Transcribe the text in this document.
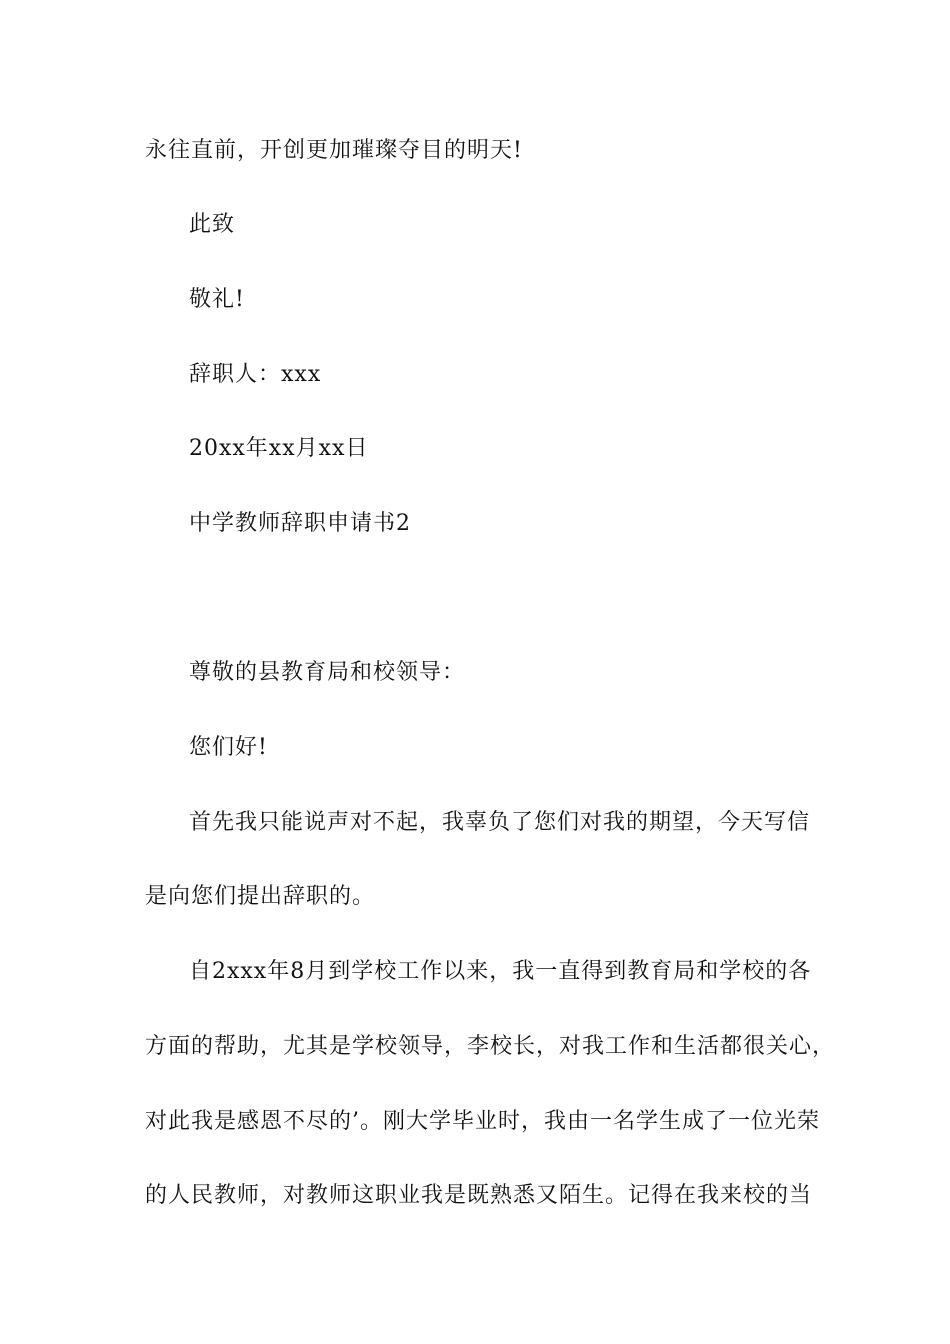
永往直前，开创更加璀璨夺目的明天!

此致

敬礼!

辞职人：xxx

20xx年xx月xx日

中学教师辞职申请书2

尊敬的县教育局和校领导：

您们好!

首先我只能说声对不起，我辜负了您们对我的期望，今天写信

是向您们提出辞职的。

自2xxx年8月到学校工作以来，我一直得到教育局和学校的各

方面的帮助，尤其是学校领导，李校长，对我工作和生活都很关心，

对此我是感恩不尽的’。刚大学毕业时，我由一名学生成了一位光荣

的人民教师，对教师这职业我是既熟悉又陌生。记得在我来校的当
